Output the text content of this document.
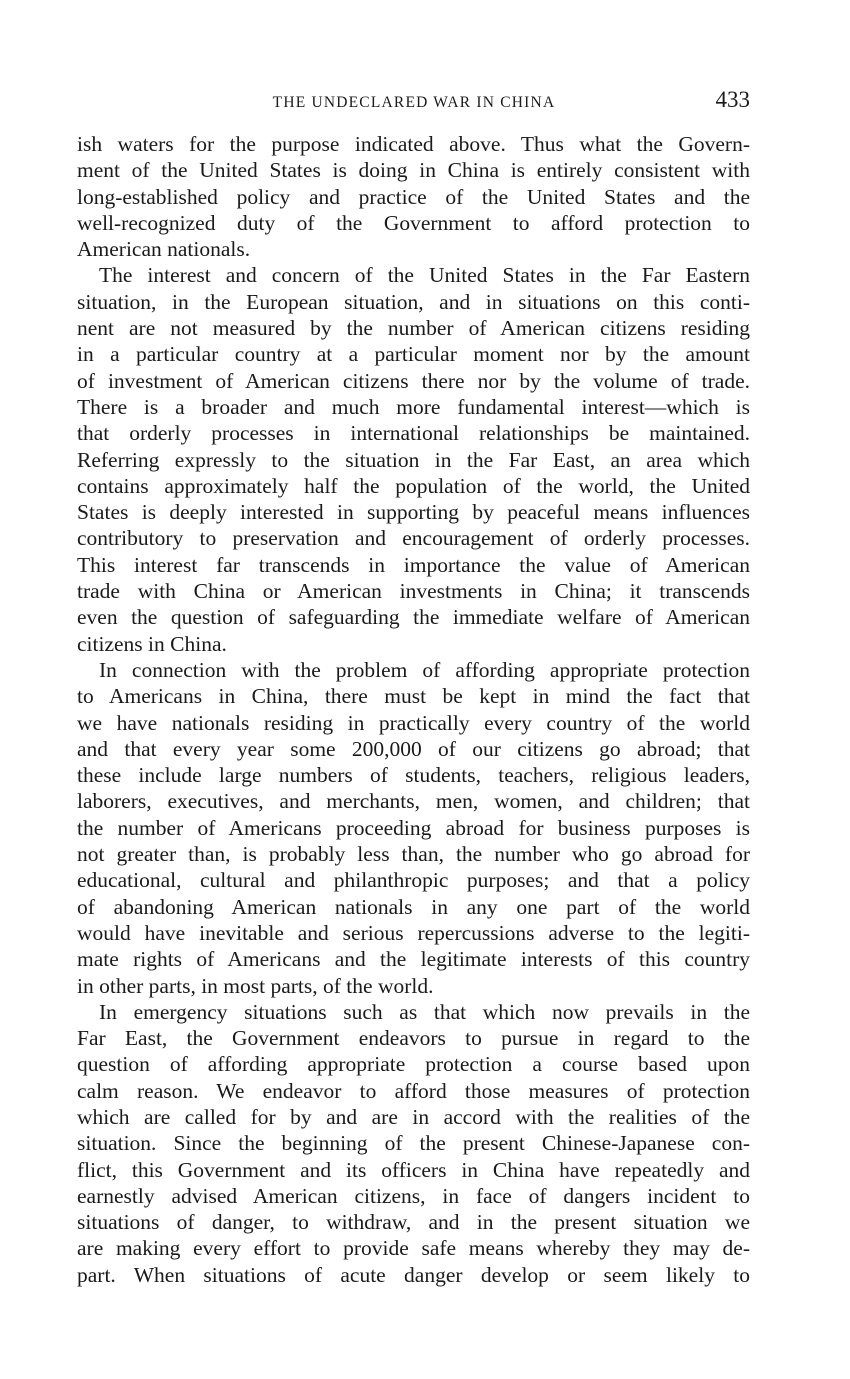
THE UNDECLARED WAR IN CHINA	433
ish waters for the purpose indicated above. Thus what the Govern-
ment of the United States is doing in China is entirely consistent with
long-established policy and practice of the United States and the
well-recognized duty of the Government to afford protection to
American nationals.
The interest and concern of the United States in the Far Eastern
situation, in the European situation, and in situations on this conti-
nent are not measured by the number of American citizens residing
in a particular country at a particular moment nor by the amount
of investment of American citizens there nor by the volume of trade.
There is a broader and much more fundamental interest—which is
that orderly processes in international relationships be maintained.
Referring expressly to the situation in the Far East, an area which
contains approximately half the population of the world, the United
States is deeply interested in supporting by peaceful means influences
contributory to preservation and encouragement of orderly processes.
This interest far transcends in importance the value of American
trade with China or American investments in China; it transcends
even the question of safeguarding the immediate welfare of American
citizens in China.
In connection with the problem of affording appropriate protection
to Americans in China, there must be kept in mind the fact that
we have nationals residing in practically every country of the world
and that every year some 200,000 of our citizens go abroad; that
these include large numbers of students, teachers, religious leaders,
laborers, executives, and merchants, men, women, and children; that
the number of Americans proceeding abroad for business purposes is
not greater than, is probably less than, the number who go abroad for
educational, cultural and philanthropic purposes; and that a policy
of abandoning American nationals in any one part of the world
would have inevitable and serious repercussions adverse to the legiti-
mate rights of Americans and the legitimate interests of this country
in other parts, in most parts, of the world.
In emergency situations such as that which now prevails in the
Far East, the Government endeavors to pursue in regard to the
question of affording appropriate protection a course based upon
calm reason. We endeavor to afford those measures of protection
which are called for by and are in accord with the realities of the
situation. Since the beginning of the present Chinese-Japanese con-
flict, this Government and its officers in China have repeatedly and
earnestly advised American citizens, in face of dangers incident to
situations of danger, to withdraw, and in the present situation we
are making every effort to provide safe means whereby they may de-
part. When situations of acute danger develop or seem likely to
